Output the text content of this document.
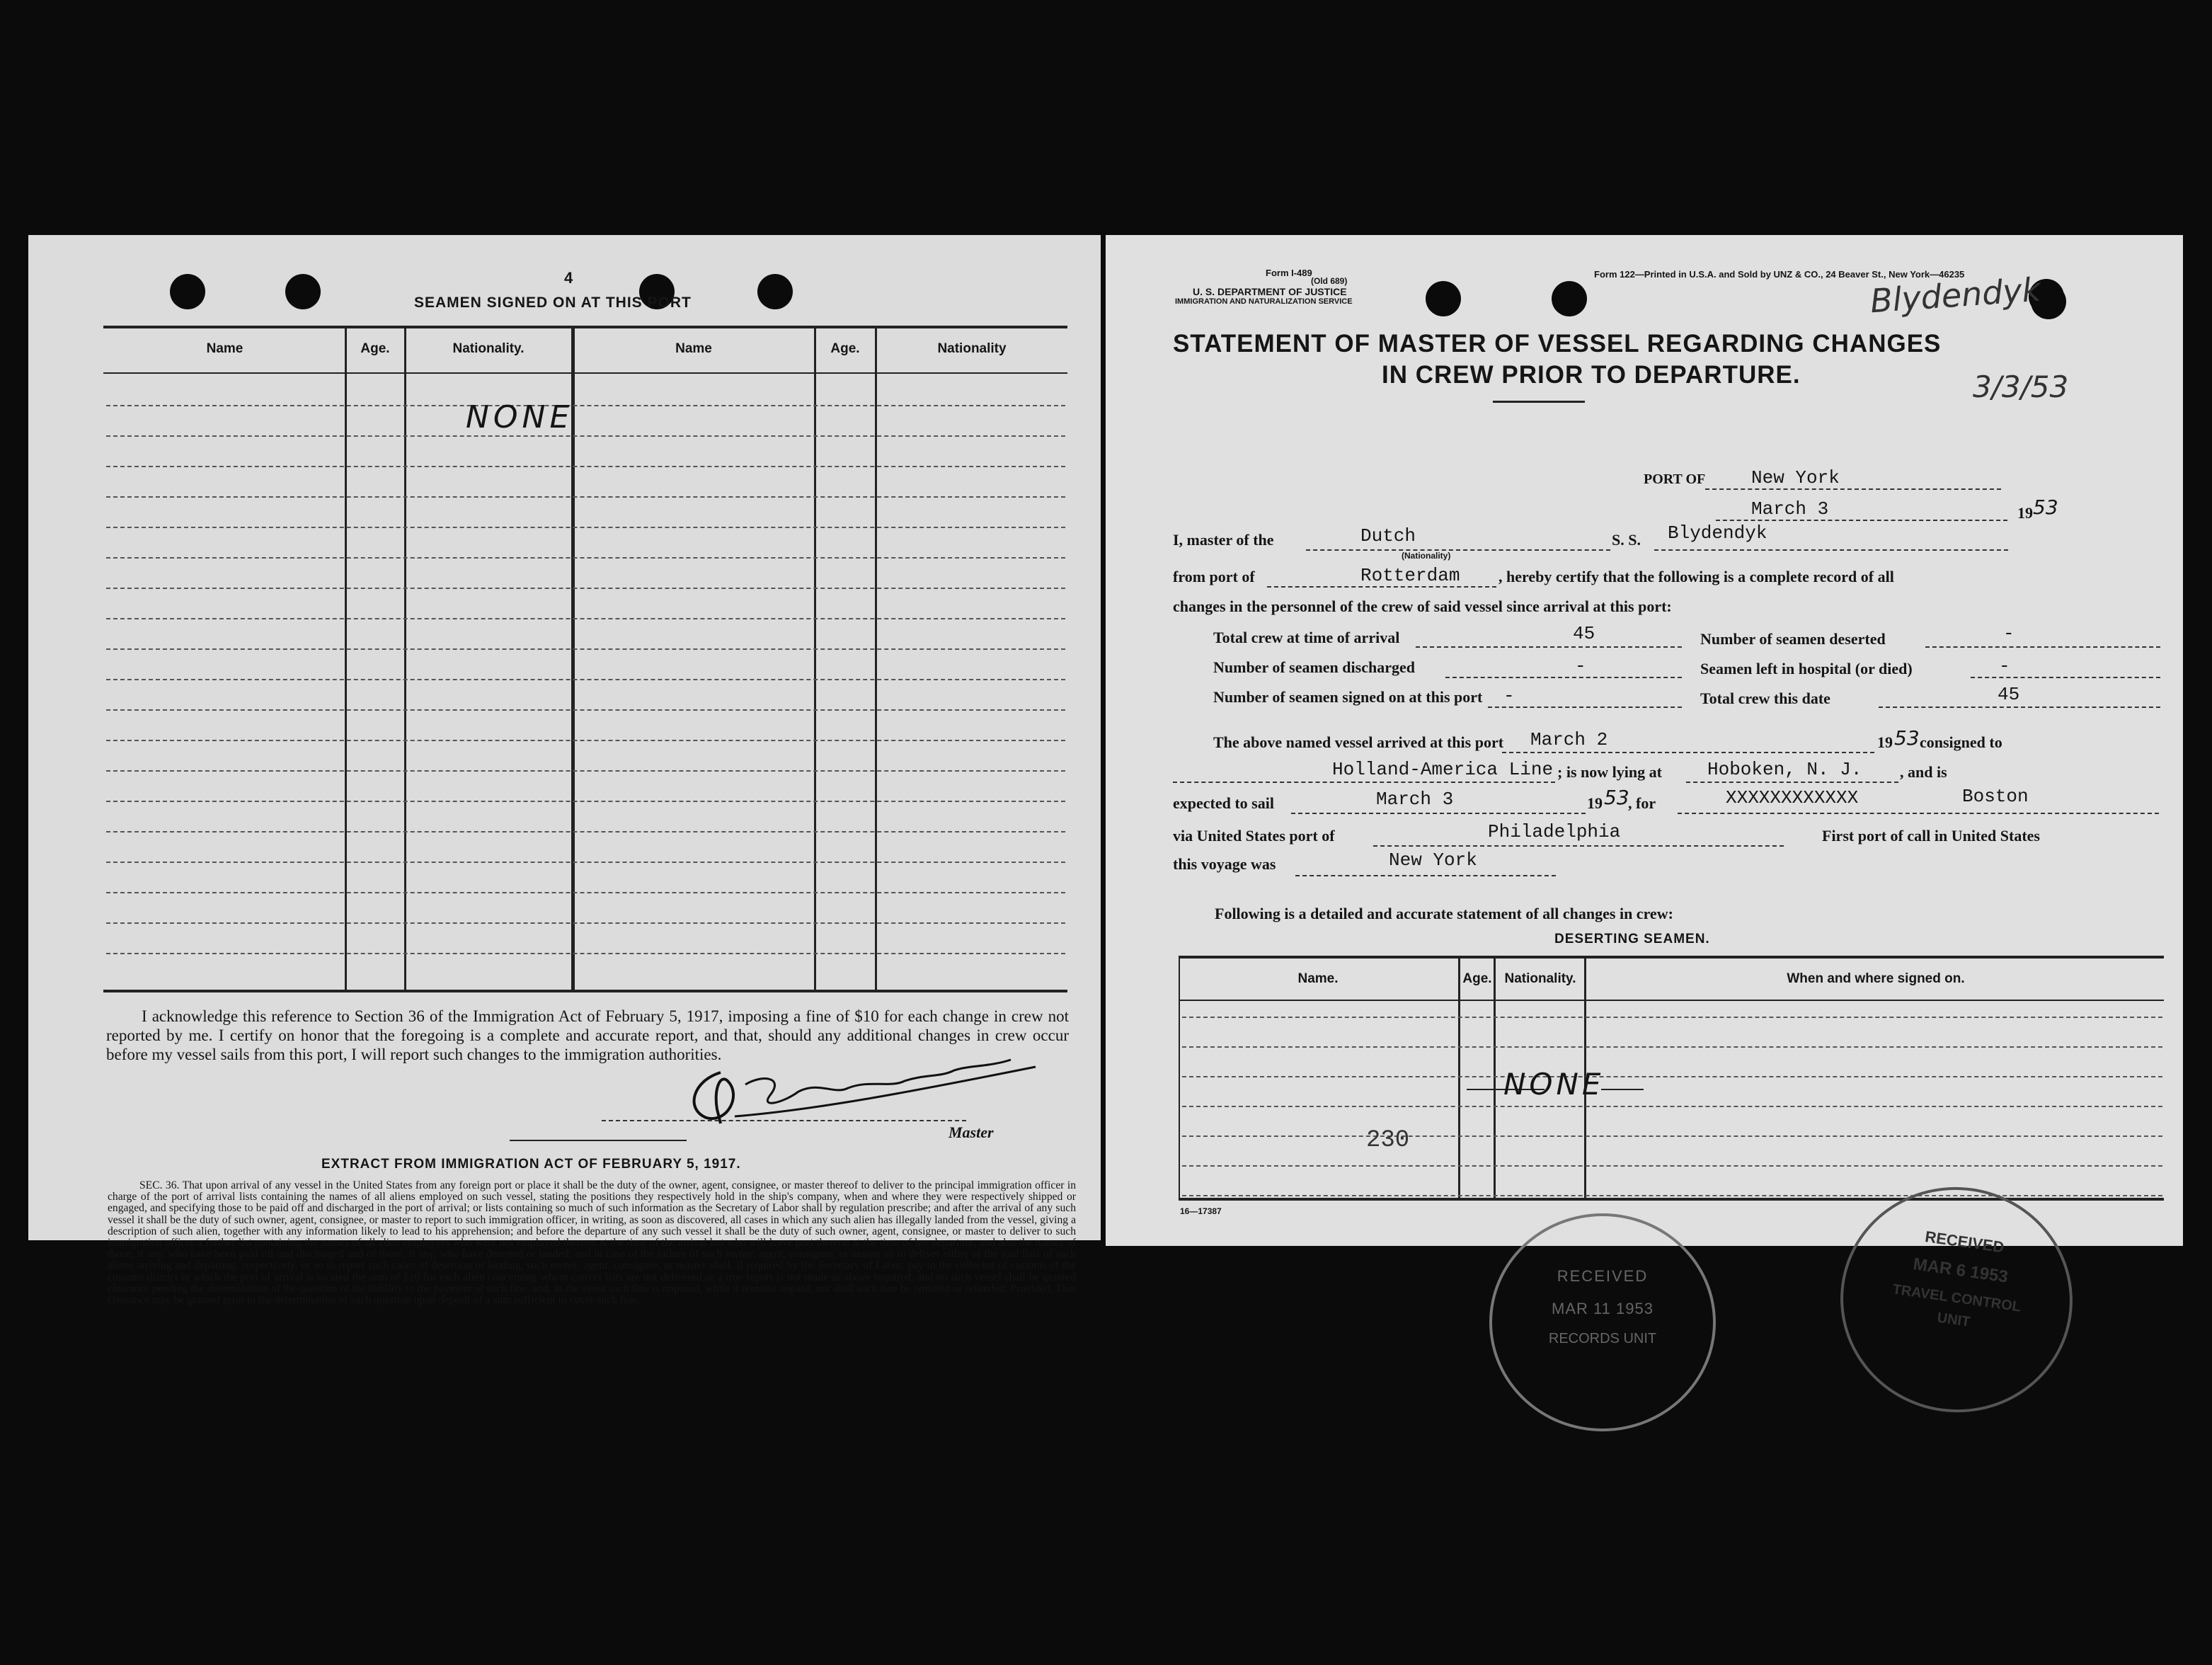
4
SEAMEN SIGNED ON AT THIS PORT
Name	Age.	Nationality.	Name	Age.	Nationality
NONE
I acknowledge this reference to Section 36 of the Immigration Act of February 5, 1917, imposing a fine of $10 for each change in crew not reported by me. I certify on honor that the foregoing is a complete and accurate report, and that, should any additional changes in crew occur before my vessel sails from this port, I will report such changes to the immigration authorities.
Master
EXTRACT FROM IMMIGRATION ACT OF FEBRUARY 5, 1917.
SEC. 36. That upon arrival of any vessel in the United States from any foreign port or place it shall be the duty of the owner, agent, consignee, or master thereof to deliver to the principal immigration officer in charge of the port of arrival lists containing the names of all aliens employed on such vessel, stating the positions they respectively hold in the ship's company, when and where they were respectively shipped or engaged, and specifying those to be paid off and discharged in the port of arrival; or lists containing so much of such information as the Secretary of Labor shall by regulation prescribe; and after the arrival of any such vessel it shall be the duty of such owner, agent, consignee, or master to report to such immigration officer, in writing, as soon as discovered, all cases in which any such alien has illegally landed from the vessel, giving a description of such alien, together with any information likely to lead to his apprehension; and before the departure of any such vessel it shall be the duty of such owner, agent, consignee, or master to deliver to such immigration officer a further list containing the names of all alien employees who were not employed thereon at the time of the arrival but who will leave port thereon at the time of her departure, and also the names of those, if any, who have been paid off and discharged and of those, if any, who have deserted or landed; and in case of the failure of such owner, agent, consignee, or master so to deliver either of the said lists of such aliens arriving and departing, respectively, or so to report such cases of desertion or landing, such owner, agent, consignee, or master shall, if required by the Secretary of Labor, pay to the collector of customs of the customs district in which the port of arrival is located the sum of $10 for each alien concerning whom correct lists are not delivered or a true report is not made as above required; and no such vessel shall be granted clearance pending the determination of the question of the liability to the payment of such fine, and, in the event such fine is imposed, while it remains unpaid; nor shall such fine be remitted or refunded; Provided, That clearance may be granted prior to the determination of such question upon deposit of a sum sufficient to cover such fine.
Form I-489
(Old 689)
U. S. DEPARTMENT OF JUSTICE
IMMIGRATION AND NATURALIZATION SERVICE
Form 122—Printed in U.S.A. and Sold by UNZ & CO., 24 Beaver St., New York—46235
Blydendyk
3/3/53
STATEMENT OF MASTER OF VESSEL REGARDING CHANGES
IN CREW PRIOR TO DEPARTURE.
PORT OF New York
March 3	19 53
I, master of the	Dutch
(Nationality)
S. S. Blydendyk
from port of	Rotterdam , hereby certify that the following is a complete record of all
changes in the personnel of the crew of said vessel since arrival at this port:
Total crew at time of arrival	45	Number of seamen deserted	-
Number of seamen discharged	-	Seamen left in hospital (or died)	-
Number of seamen signed on at this port -	Total crew this date	45
The above named vessel arrived at this port March 2	19 53 consigned to
Holland-America Line ; is now lying at Hoboken, N. J. , and is
expected to sail	March 3	19 53
, for	XXXXXXXXXXXX	Boston
via United States port of	Philadelphia	First port of call in United States
this voyage was	New York
Following is a detailed and accurate statement of all changes in crew:
DESERTING SEAMEN.
Name.	Age. Nationality.	When and where signed on.
NONE
230
RECEIVED
MAR 11 1953
RECORDS UNIT
RECEIVED
MAR 6 1953
TRAVEL CONTROL
UNIT
16—17387
